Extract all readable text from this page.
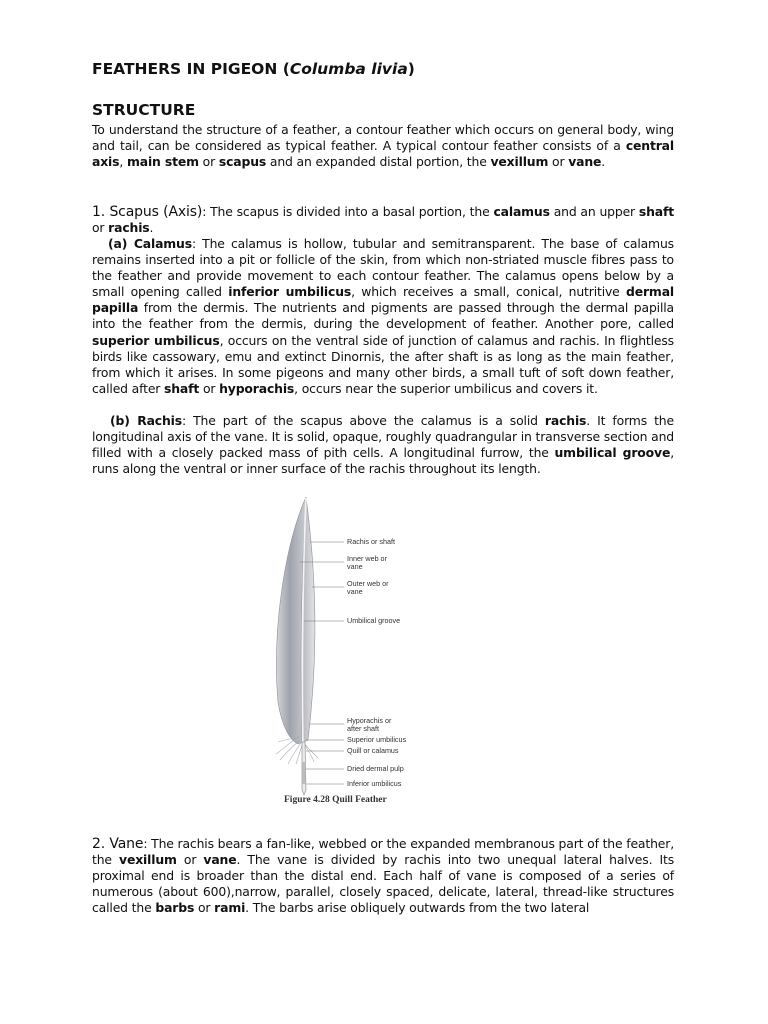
FEATHERS IN PIGEON (Columba livia)
STRUCTURE
To understand the structure of a feather, a contour feather which occurs on general body, wing and tail, can be considered as typical feather. A typical contour feather consists of a central axis, main stem or scapus and an expanded distal portion, the vexillum or vane.
1. Scapus (Axis): The scapus is divided into a basal portion, the calamus and an upper shaft or rachis.
(a) Calamus: The calamus is hollow, tubular and semitransparent. The base of calamus remains inserted into a pit or follicle of the skin, from which non-striated muscle fibres pass to the feather and provide movement to each contour feather. The calamus opens below by a small opening called inferior umbilicus, which receives a small, conical, nutritive dermal papilla from the dermis. The nutrients and pigments are passed through the dermal papilla into the feather from the dermis, during the development of feather. Another pore, called superior umbilicus, occurs on the ventral side of junction of calamus and rachis. In flightless birds like cassowary, emu and extinct Dinornis, the after shaft is as long as the main feather, from which it arises. In some pigeons and many other birds, a small tuft of soft down feather, called after shaft or hyporachis, occurs near the superior umbilicus and covers it.
(b) Rachis: The part of the scapus above the calamus is a solid rachis. It forms the longitudinal axis of the vane. It is solid, opaque, roughly quadrangular in transverse section and filled with a closely packed mass of pith cells. A longitudinal furrow, the umbilical groove, runs along the ventral or inner surface of the rachis throughout its length.
Rachis or shaft
Inner web or
vane
Outer web or
vane
Umbilical groove
Hyporachis or
after shaft
Superior umbilicus
Quill or calamus
Dried dermal pulp
Inferior umbilicus
Figure 4.28 Quill Feather
2. Vane: The rachis bears a fan-like, webbed or the expanded membranous part of the feather, the vexillum or vane. The vane is divided by rachis into two unequal lateral halves. Its proximal end is broader than the distal end. Each half of vane is composed of a series of numerous (about 600),narrow, parallel, closely spaced, delicate, lateral, thread-like structures called the barbs or rami. The barbs arise obliquely outwards from the two lateral
